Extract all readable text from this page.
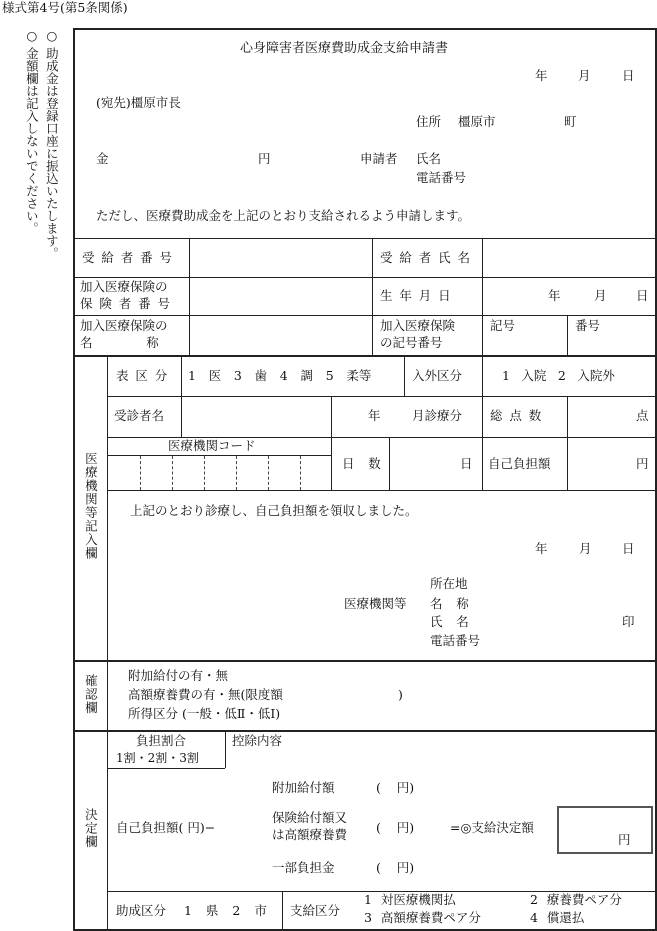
様式第4号(第5条関係)
○ 金額欄は記入しないでください。 ○ 助成金は登録口座に振込いたします。	心身障害者医療費助成金支給申請書
年 月	日
(宛先)橿原市長
住所 橿原市	町
金	円	申請者 氏名
電話番号
ただし、医療費助成金を上記のとおり支給されるよう申請します。
受給者番号	受給者氏名
加入医療保険の
保険者番号
生年月日	年	月 日
加入医療保険の
名称
加入医療保険
の記号番号
記号	番号
医療機関等記入欄
表区分 1 医 3 歯 4 調 5 柔等	入外区分	1 入院 2 入院外
受診者名	年	月診療分 総点数	点
医療機関コード
日数	日 自己負担額	円
上記のとおり診療し、自己負担額を領収しました。
年	月 日
所在地
医療機関等 名称
氏名	印
電話番号
確認欄 附加給付の有・無
高額療養費の有・無(限度額	)
所得区分 (一般・低Ⅱ・低Ⅰ)
決定欄
負担割合
1割・2割・3割
控除内容
自己負担額( 円)−
附加給付額	(    円)
保険給付額又
は高額療養費 (    円)	=◎支給決定額
円
一部負担金	(    円)
助成区分 1 県 2 市 支給区分
1 対医療機関払	2 療養費ペア分
3 高額療養費ペア分	4 償還払
